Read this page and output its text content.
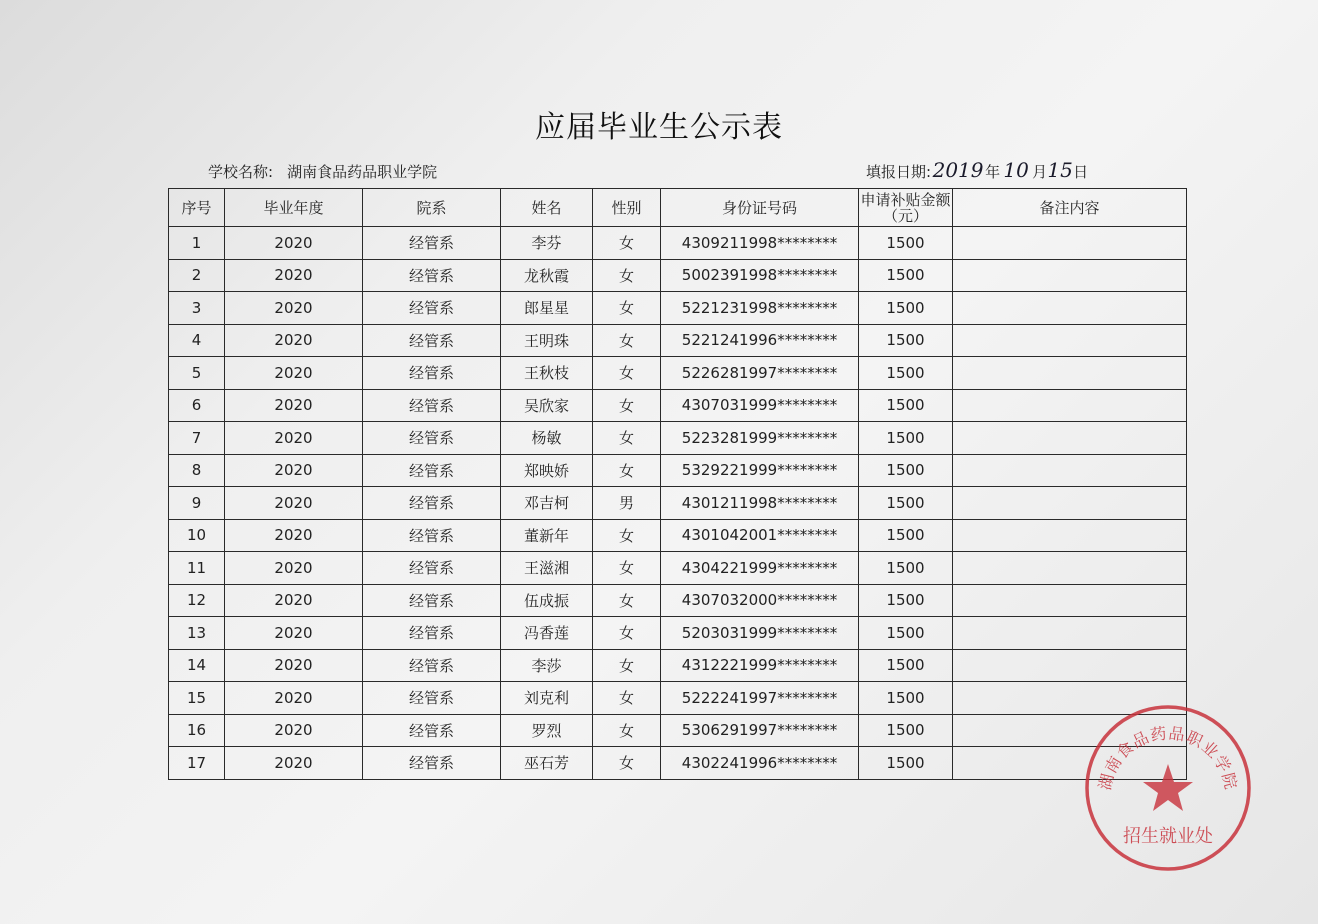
应届毕业生公示表
学校名称: 湖南食品药品职业学院	填报日期: 2019 年 10 月 15 日
序号	毕业年度	院系	姓名	性别	身份证号码	申请补贴金额（元）	备注内容
1	2020	经管系	李芬	女	4309211998********	1500	
2	2020	经管系	龙秋霞	女	5002391998********	1500	
3	2020	经管系	郎星星	女	5221231998********	1500	
4	2020	经管系	王明珠	女	5221241996********	1500	
5	2020	经管系	王秋枝	女	5226281997********	1500	
6	2020	经管系	吴欣家	女	4307031999********	1500	
7	2020	经管系	杨敏	女	5223281999********	1500	
8	2020	经管系	郑映娇	女	5329221999********	1500	
9	2020	经管系	邓吉柯	男	4301211998********	1500	
10	2020	经管系	董新年	女	4301042001********	1500	
11	2020	经管系	王滋湘	女	4304221999********	1500	
12	2020	经管系	伍成振	女	4307032000********	1500	
13	2020	经管系	冯香莲	女	5203031999********	1500	
14	2020	经管系	李莎	女	4312221999********	1500	
15	2020	经管系	刘克利	女	5222241997********	1500	
16	2020	经管系	罗烈	女	5306291997********	1500	
17	2020	经管系	巫石芳	女	4302241996********	1500	
湖南食品药品职业学院
招生就业处
